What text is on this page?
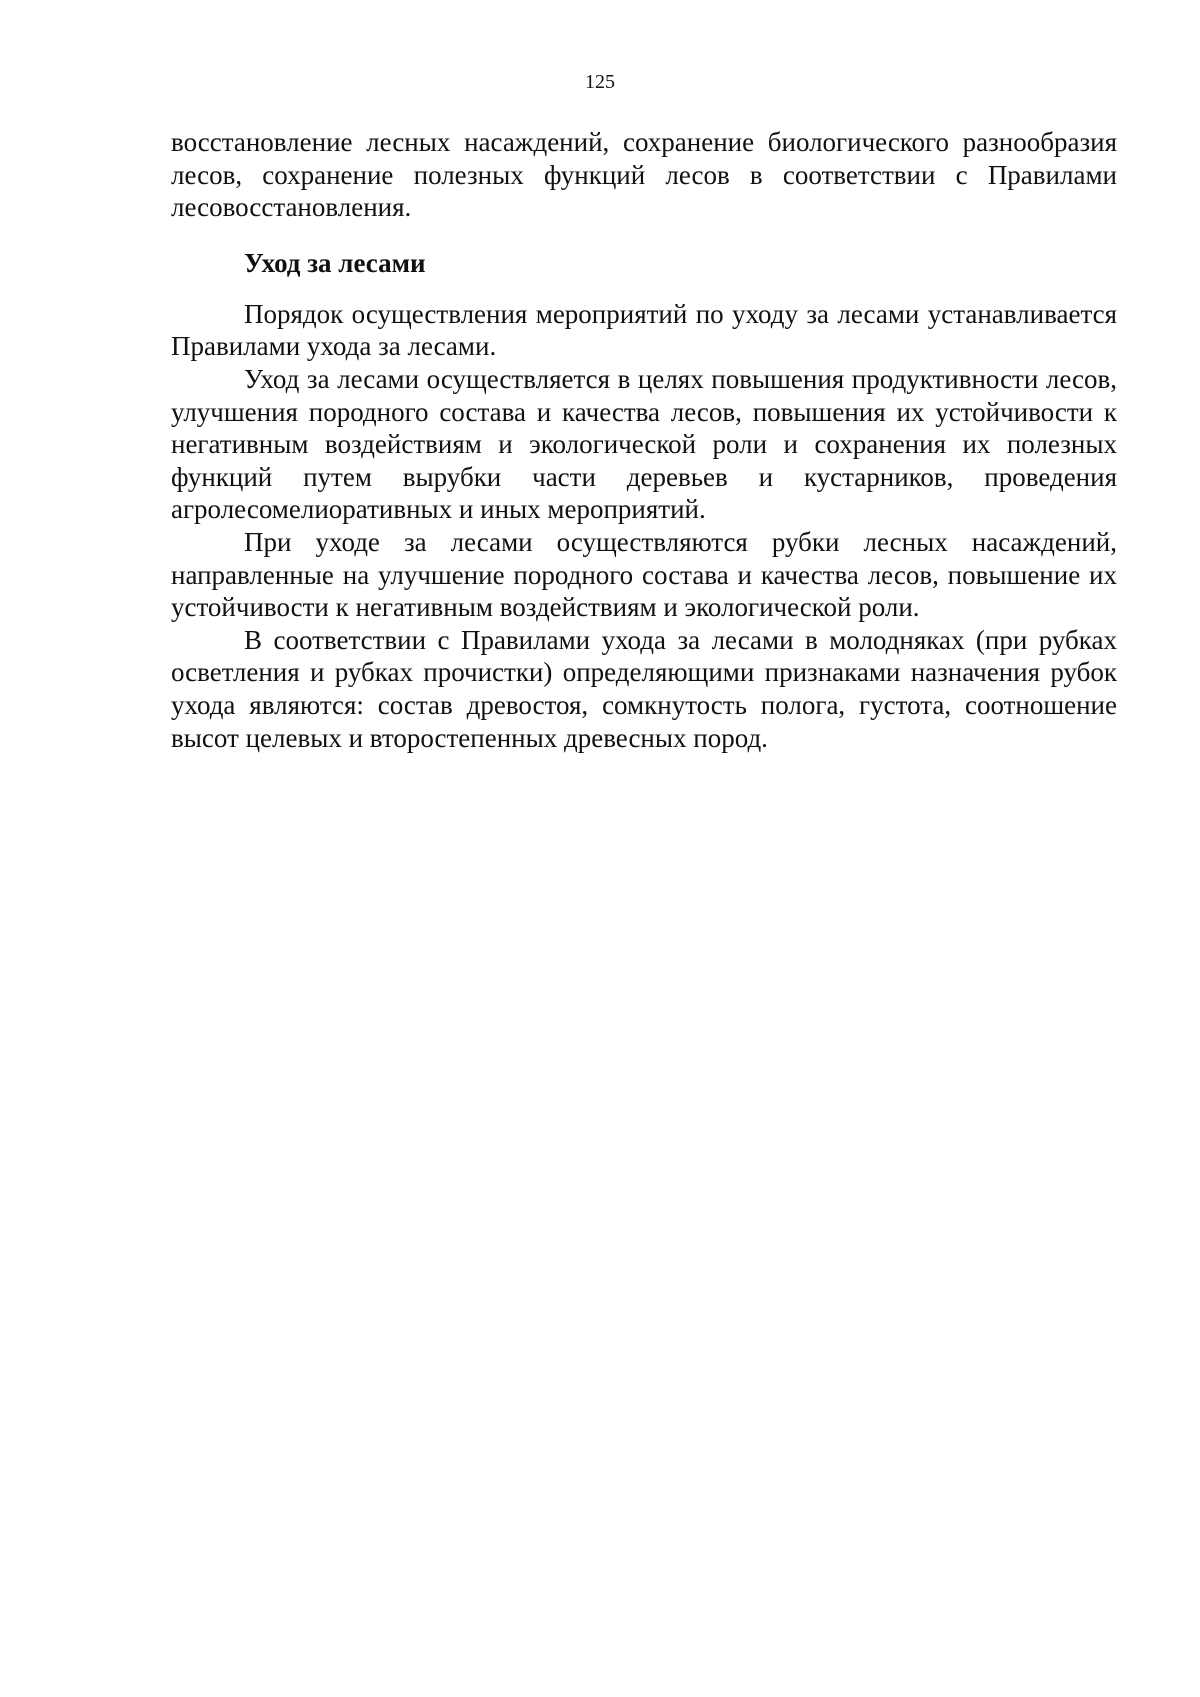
125

восстановление лесных насаждений, сохранение биологического разнообразия лесов, сохранение полезных функций лесов в соответствии с Правилами лесовосстановления.

Уход за лесами

Порядок осуществления мероприятий по уходу за лесами устанавливается Правилами ухода за лесами.

Уход за лесами осуществляется в целях повышения продуктивности лесов, улучшения породного состава и качества лесов, повышения их устойчивости к негативным воздействиям и экологической роли и сохранения их полезных функций путем вырубки части деревьев и кустарников, проведения агролесомелиоративных и иных мероприятий.

При уходе за лесами осуществляются рубки лесных насаждений, направленные на улучшение породного состава и качества лесов, повышение их устойчивости к негативным воздействиям и экологической роли.

В соответствии с Правилами ухода за лесами в молодняках (при рубках осветления и рубках прочистки) определяющими признаками назначения рубок ухода являются: состав древостоя, сомкнутость полога, густота, соотношение высот целевых и второстепенных древесных пород.
